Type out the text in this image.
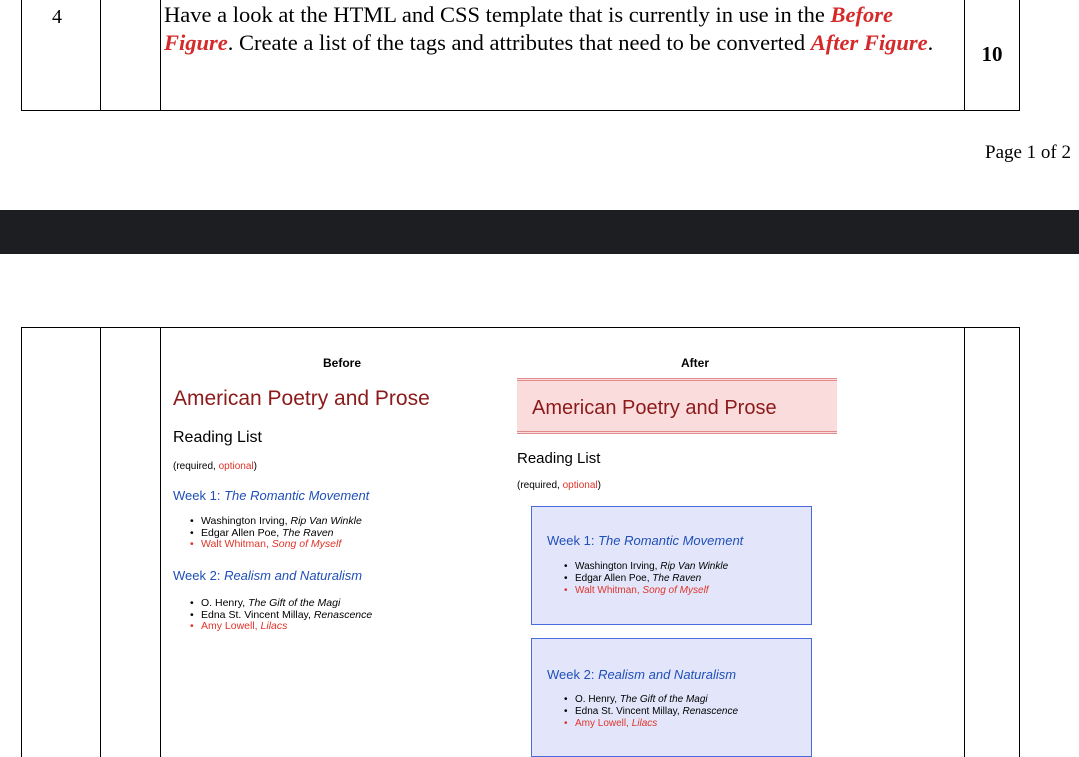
4	Have a look at the HTML and CSS template that is currently in use in the Before Figure. Create a list of the tags and attributes that need to be converted After Figure.	10
Page 1 of 2
Before
American Poetry and Prose
Reading List
(required, optional)
Week 1: The Romantic Movement
• Washington Irving, Rip Van Winkle
• Edgar Allen Poe, The Raven
• Walt Whitman, Song of Myself
Week 2: Realism and Naturalism
• O. Henry, The Gift of the Magi
• Edna St. Vincent Millay, Renascence
• Amy Lowell, Lilacs
After
American Poetry and Prose
Reading List
(required, optional)
Week 1: The Romantic Movement
• Washington Irving, Rip Van Winkle
• Edgar Allen Poe, The Raven
• Walt Whitman, Song of Myself
Week 2: Realism and Naturalism
• O. Henry, The Gift of the Magi
• Edna St. Vincent Millay, Renascence
• Amy Lowell, Lilacs
